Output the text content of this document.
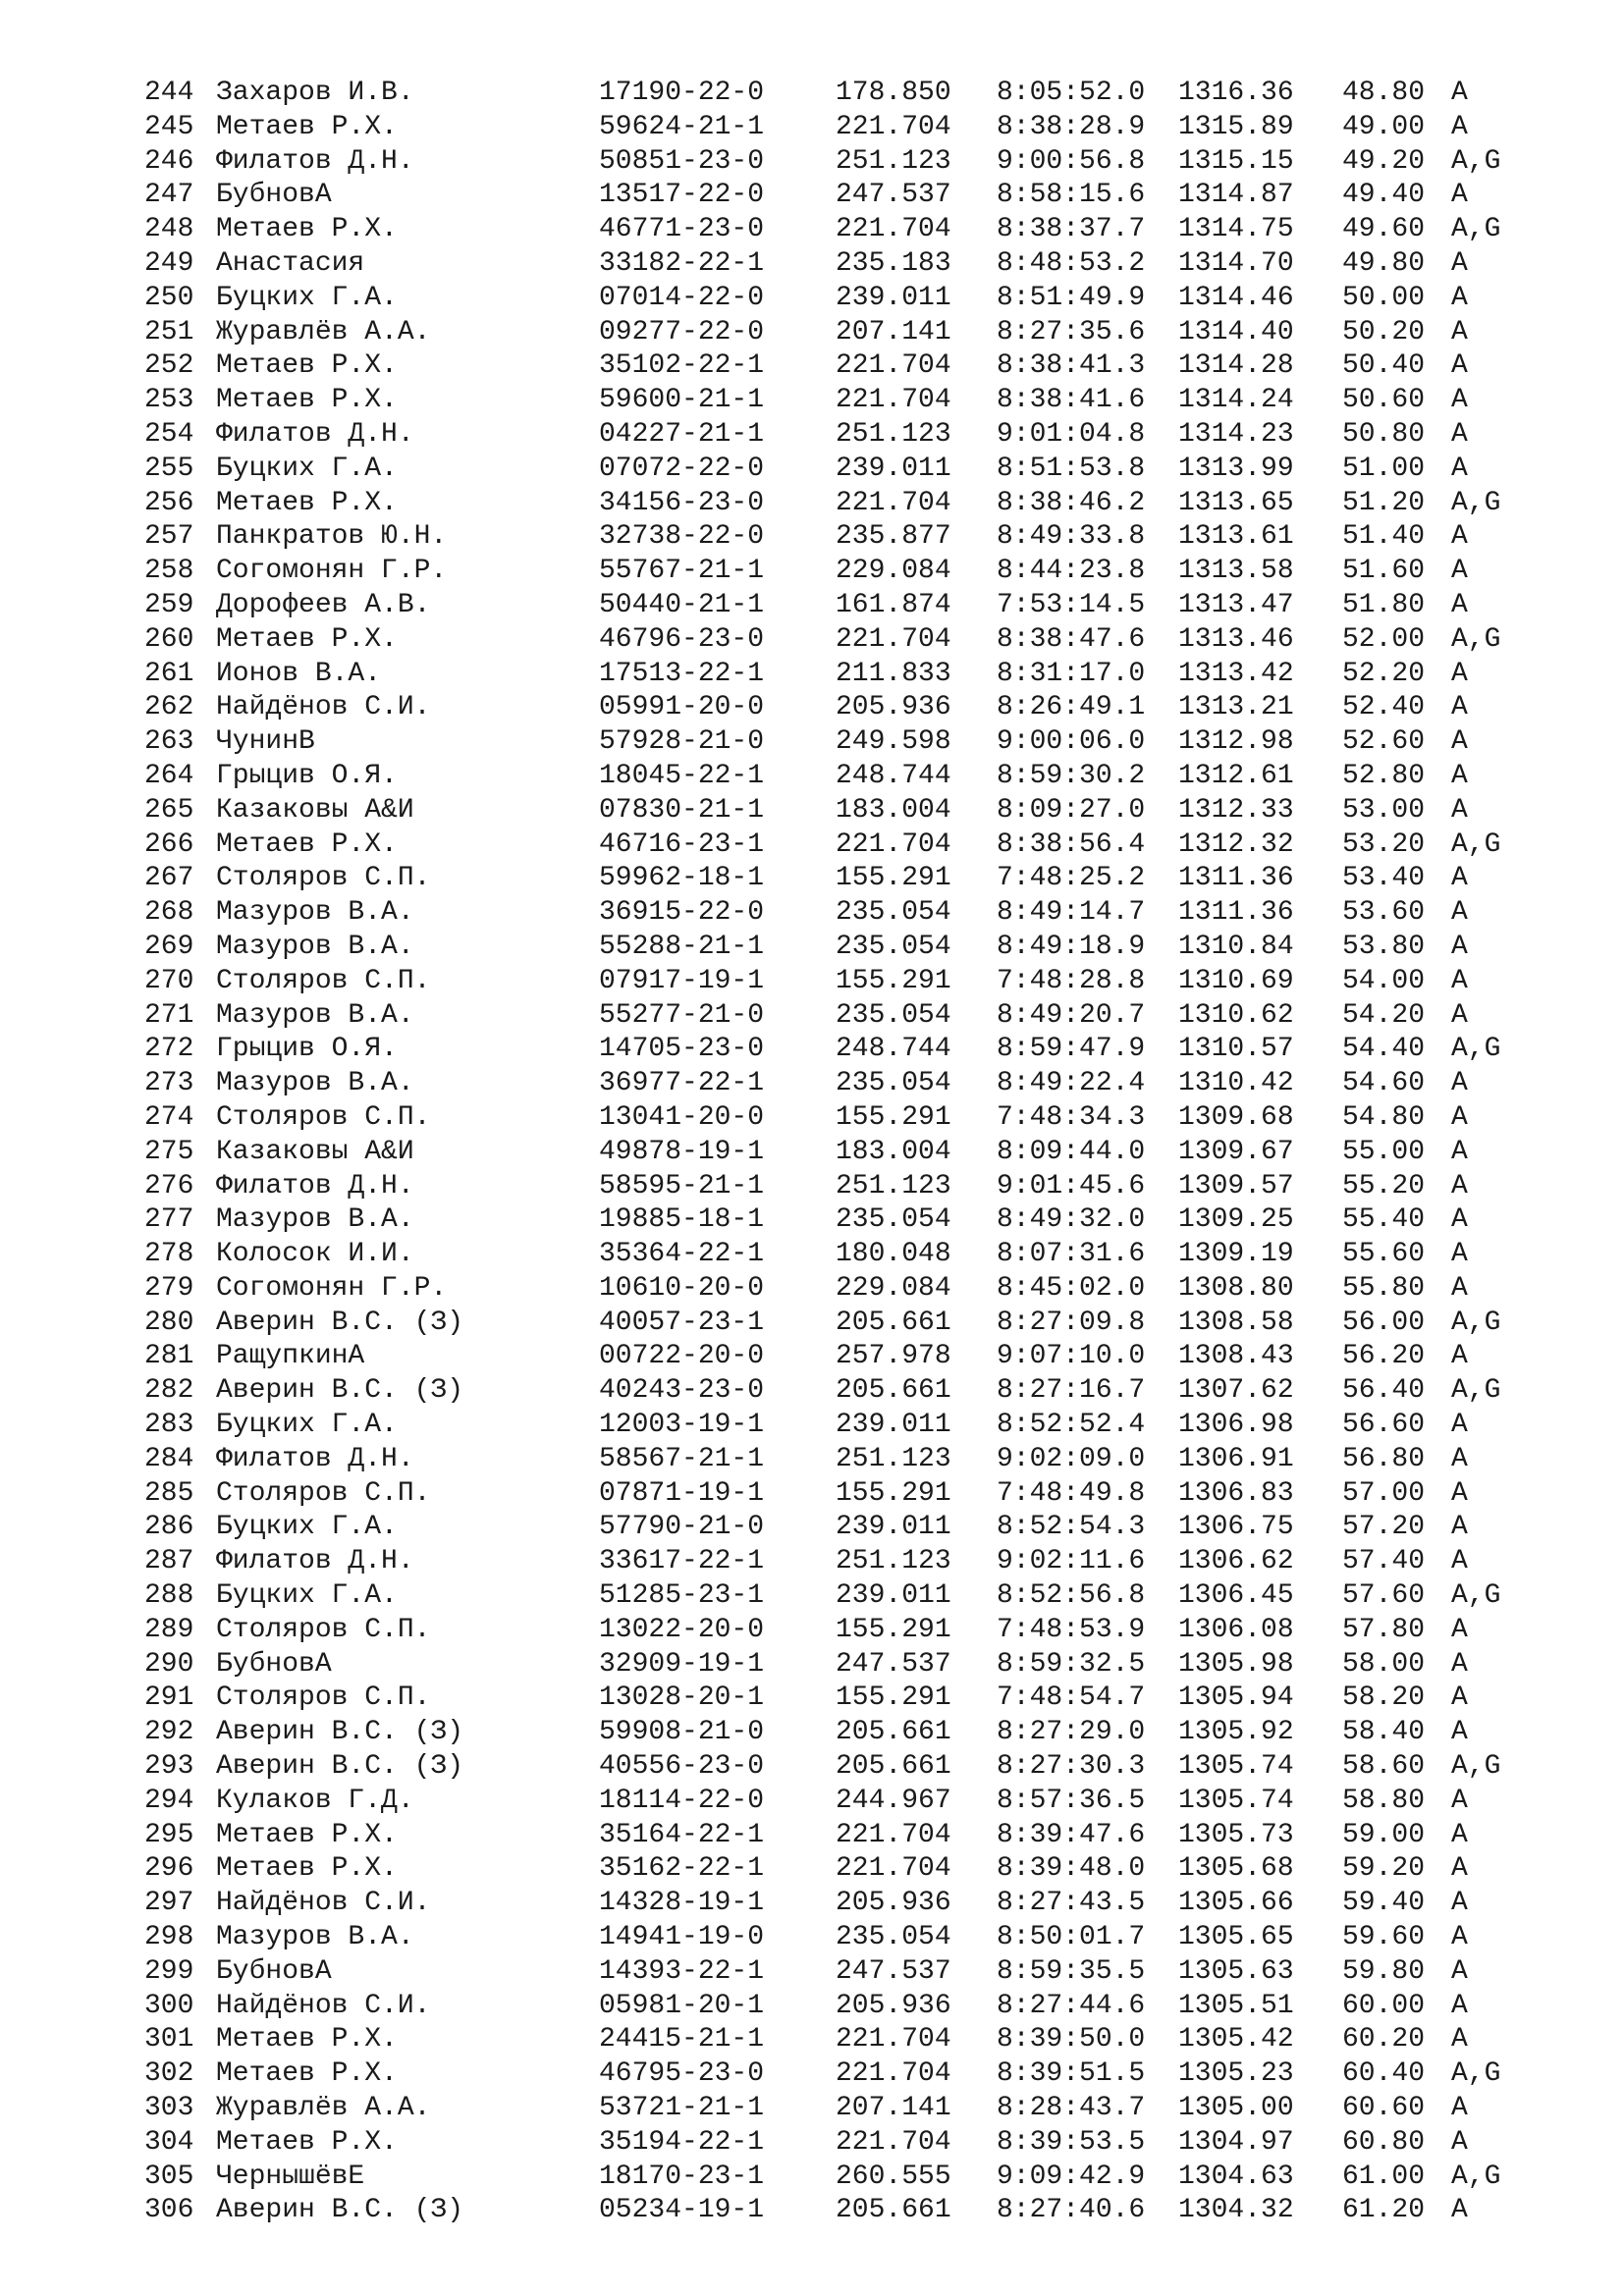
244 Захаров И.В.	17190-22-0	178.850 8:05:52.0 1316.36 48.80 A
245 Метаев Р.Х.	59624-21-1	221.704 8:38:28.9 1315.89 49.00 A
246 Филатов Д.Н.	50851-23-0	251.123 9:00:56.8 1315.15 49.20 A,G
247 БубновА	13517-22-0	247.537 8:58:15.6 1314.87 49.40 A
248 Метаев Р.Х.	46771-23-0	221.704 8:38:37.7 1314.75 49.60 A,G
249 Анастасия	33182-22-1	235.183 8:48:53.2 1314.70 49.80 A
250 Буцких Г.А.	07014-22-0	239.011 8:51:49.9 1314.46 50.00 A
251 Журавлёв А.А.	09277-22-0	207.141 8:27:35.6 1314.40 50.20 A
252 Метаев Р.Х.	35102-22-1	221.704 8:38:41.3 1314.28 50.40 A
253 Метаев Р.Х.	59600-21-1	221.704 8:38:41.6 1314.24 50.60 A
254 Филатов Д.Н.	04227-21-1	251.123 9:01:04.8 1314.23 50.80 A
255 Буцких Г.А.	07072-22-0	239.011 8:51:53.8 1313.99 51.00 A
256 Метаев Р.Х.	34156-23-0	221.704 8:38:46.2 1313.65 51.20 A,G
257 Панкратов Ю.Н.	32738-22-0	235.877 8:49:33.8 1313.61 51.40 A
258 Согомонян Г.Р.	55767-21-1	229.084 8:44:23.8 1313.58 51.60 A
259 Дорофеев А.В.	50440-21-1	161.874 7:53:14.5 1313.47 51.80 A
260 Метаев Р.Х.	46796-23-0	221.704 8:38:47.6 1313.46 52.00 A,G
261 Ионов В.А.	17513-22-1	211.833 8:31:17.0 1313.42 52.20 A
262 Найдёнов С.И.	05991-20-0	205.936 8:26:49.1 1313.21 52.40 A
263 ЧунинВ	57928-21-0	249.598 9:00:06.0 1312.98 52.60 A
264 Грыцив О.Я.	18045-22-1	248.744 8:59:30.2 1312.61 52.80 A
265 Казаковы А&И	07830-21-1	183.004 8:09:27.0 1312.33 53.00 A
266 Метаев Р.Х.	46716-23-1	221.704 8:38:56.4 1312.32 53.20 A,G
267 Столяров С.П.	59962-18-1	155.291 7:48:25.2 1311.36 53.40 A
268 Мазуров В.А.	36915-22-0	235.054 8:49:14.7 1311.36 53.60 A
269 Мазуров В.А.	55288-21-1	235.054 8:49:18.9 1310.84 53.80 A
270 Столяров С.П.	07917-19-1	155.291 7:48:28.8 1310.69 54.00 A
271 Мазуров В.А.	55277-21-0	235.054 8:49:20.7 1310.62 54.20 A
272 Грыцив О.Я.	14705-23-0	248.744 8:59:47.9 1310.57 54.40 A,G
273 Мазуров В.А.	36977-22-1	235.054 8:49:22.4 1310.42 54.60 A
274 Столяров С.П.	13041-20-0	155.291 7:48:34.3 1309.68 54.80 A
275 Казаковы А&И	49878-19-1	183.004 8:09:44.0 1309.67 55.00 A
276 Филатов Д.Н.	58595-21-1	251.123 9:01:45.6 1309.57 55.20 A
277 Мазуров В.А.	19885-18-1	235.054 8:49:32.0 1309.25 55.40 A
278 Колосок И.И.	35364-22-1	180.048 8:07:31.6 1309.19 55.60 A
279 Согомонян Г.Р.	10610-20-0	229.084 8:45:02.0 1308.80 55.80 A
280 Аверин В.С. (З)	40057-23-1	205.661 8:27:09.8 1308.58 56.00 A,G
281 РащупкинА	00722-20-0	257.978 9:07:10.0 1308.43 56.20 A
282 Аверин В.С. (З)	40243-23-0	205.661 8:27:16.7 1307.62 56.40 A,G
283 Буцких Г.А.	12003-19-1	239.011 8:52:52.4 1306.98 56.60 A
284 Филатов Д.Н.	58567-21-1	251.123 9:02:09.0 1306.91 56.80 A
285 Столяров С.П.	07871-19-1	155.291 7:48:49.8 1306.83 57.00 A
286 Буцких Г.А.	57790-21-0	239.011 8:52:54.3 1306.75 57.20 A
287 Филатов Д.Н.	33617-22-1	251.123 9:02:11.6 1306.62 57.40 A
288 Буцких Г.А.	51285-23-1	239.011 8:52:56.8 1306.45 57.60 A,G
289 Столяров С.П.	13022-20-0	155.291 7:48:53.9 1306.08 57.80 A
290 БубновА	32909-19-1	247.537 8:59:32.5 1305.98 58.00 A
291 Столяров С.П.	13028-20-1	155.291 7:48:54.7 1305.94 58.20 A
292 Аверин В.С. (З)	59908-21-0	205.661 8:27:29.0 1305.92 58.40 A
293 Аверин В.С. (З)	40556-23-0	205.661 8:27:30.3 1305.74 58.60 A,G
294 Кулаков Г.Д.	18114-22-0	244.967 8:57:36.5 1305.74 58.80 A
295 Метаев Р.Х.	35164-22-1	221.704 8:39:47.6 1305.73 59.00 A
296 Метаев Р.Х.	35162-22-1	221.704 8:39:48.0 1305.68 59.20 A
297 Найдёнов С.И.	14328-19-1	205.936 8:27:43.5 1305.66 59.40 A
298 Мазуров В.А.	14941-19-0	235.054 8:50:01.7 1305.65 59.60 A
299 БубновА	14393-22-1	247.537 8:59:35.5 1305.63 59.80 A
300 Найдёнов С.И.	05981-20-1	205.936 8:27:44.6 1305.51 60.00 A
301 Метаев Р.Х.	24415-21-1	221.704 8:39:50.0 1305.42 60.20 A
302 Метаев Р.Х.	46795-23-0	221.704 8:39:51.5 1305.23 60.40 A,G
303 Журавлёв А.А.	53721-21-1	207.141 8:28:43.7 1305.00 60.60 A
304 Метаев Р.Х.	35194-22-1	221.704 8:39:53.5 1304.97 60.80 A
305 ЧернышёвЕ	18170-23-1	260.555 9:09:42.9 1304.63 61.00 A,G
306 Аверин В.С. (З)	05234-19-1	205.661 8:27:40.6 1304.32 61.20 A
